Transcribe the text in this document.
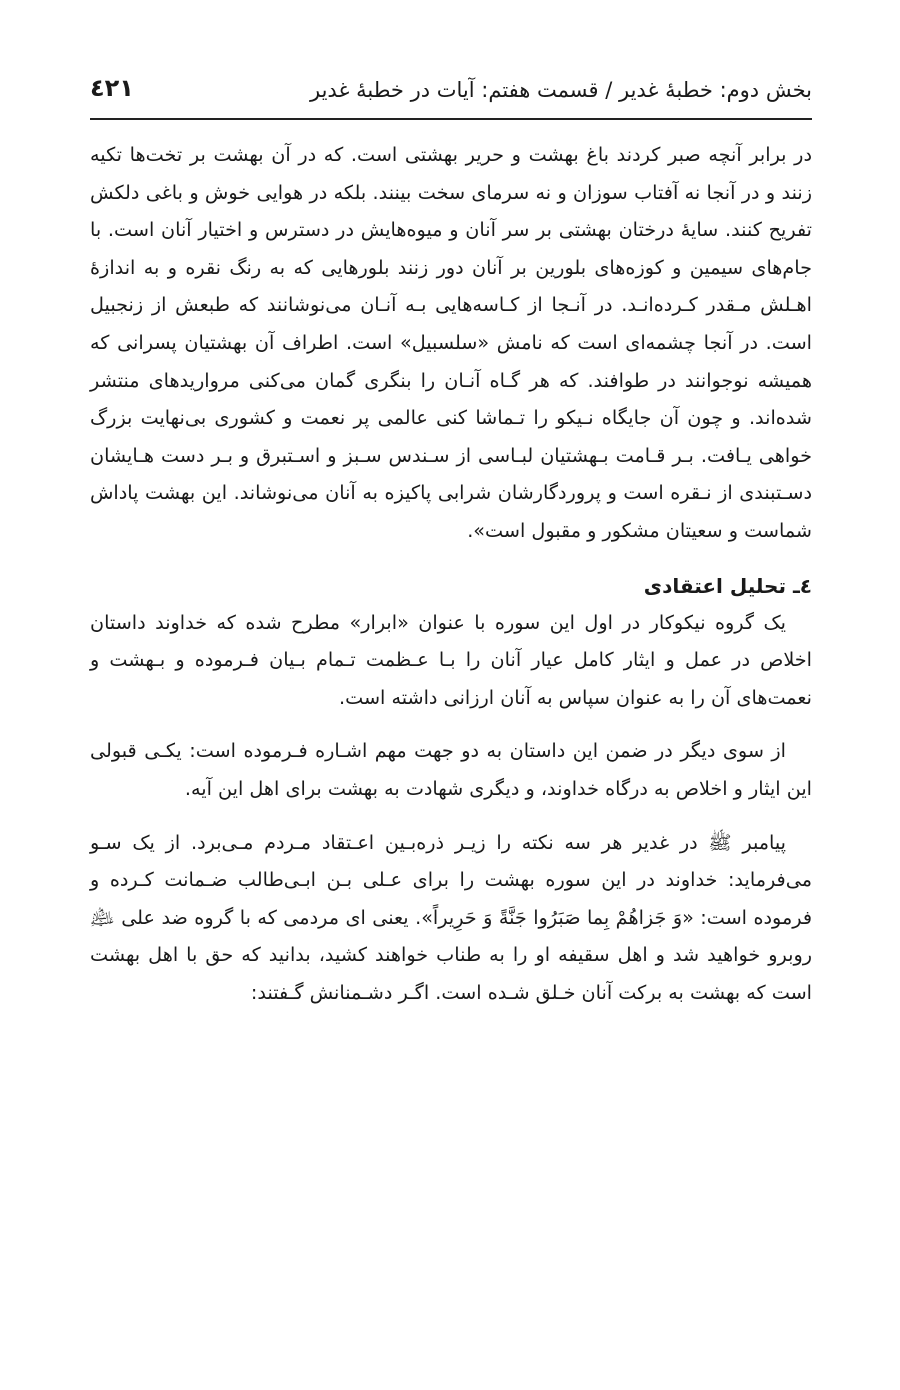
بخش دوم: خطبهٔ غدیر / قسمت هفتم: آیات در خطبهٔ غدیر
٤٢١

در برابر آنچه صبر کردند باغ بهشت و حریر بهشتی است. که در آن بهشت بر تخت‌ها تکیه زنند و در آنجا نه آفتاب سوزان و نه سرمای سخت بینند. بلکه در هوایی خوش و باغی دلکش تفریح کنند. سایهٔ درختان بهشتی بر سر آنان و میوه‌هایش در دسترس و اختیار آنان است. با جام‌های سیمین و کوزه‌های بلورین بر آنان دور زنند بلورهایی که به رنگ نقره و به اندازهٔ اهـلش مـقدر کـرده‌انـد. در آنـجا از کـاسه‌هایی بـه آنـان می‌نوشانند که طبعش از زنجبیل است. در آنجا چشمه‌ای است که نامش «سلسبیل» است. اطراف آن بهشتیان پسرانی که همیشه نوجوانند در طوافند. که هر گـاه آنـان را بنگری گمان می‌کنی مروارید‌های منتشر شده‌اند. و چون آن جایگاه نـیکو را تـماشا کنی عالمی پر نعمت و کشوری بی‌نهایت بزرگ خواهی یـافت. بـر قـامت بـهشتیان لبـاسی از سـندس سـبز و اسـتبرق و بـر دست هـایشان دسـتبندی از نـقره است و پروردگارشان شرابی پاکیزه به آنان می‌نوشاند. این بهشت پاداش شماست و سعیتان مشکور و مقبول است».

٤ـ تحلیل اعتقادی

یک گروه نیکوکار در اول این سوره با عنوان «ابرار» مطرح شده که خداوند داستان اخلاص در عمل و ایثار کامل عیار آنان را بـا عـظمت تـمام بـیان فـرموده و بـهشت و نعمت‌های آن را به عنوان سپاس به آنان ارزانی داشته است.

از سوی دیگر در ضمن این داستان به دو جهت مهم اشـاره فـرموده است: یکـی قبولی این ایثار و اخلاص به درگاه خداوند، و دیگری شهادت به بهشت برای اهل این آیه.

پیامبر ﷺ در غدیر هر سه نکته را زیـر ذره‌بـین اعـتقاد مـردم مـی‌برد. از یک سـو می‌فرماید: خداوند در این سوره بهشت را برای عـلی بـن ابـی‌طالب ضـمانت کـرده و فرموده است: «وَ جَزاهُمْ بِما صَبَرُوا جَنَّةً وَ حَرِيراً». یعنی ای مردمی که با گروه ضد علی ﵇ روبرو خواهید شد و اهل سقیفه او را به طناب خواهند کشید، بدانید که حق با اهل بهشت است که بهشت به برکت آنان خـلق شـده است. اگـر دشـمنانش گـفتند:
